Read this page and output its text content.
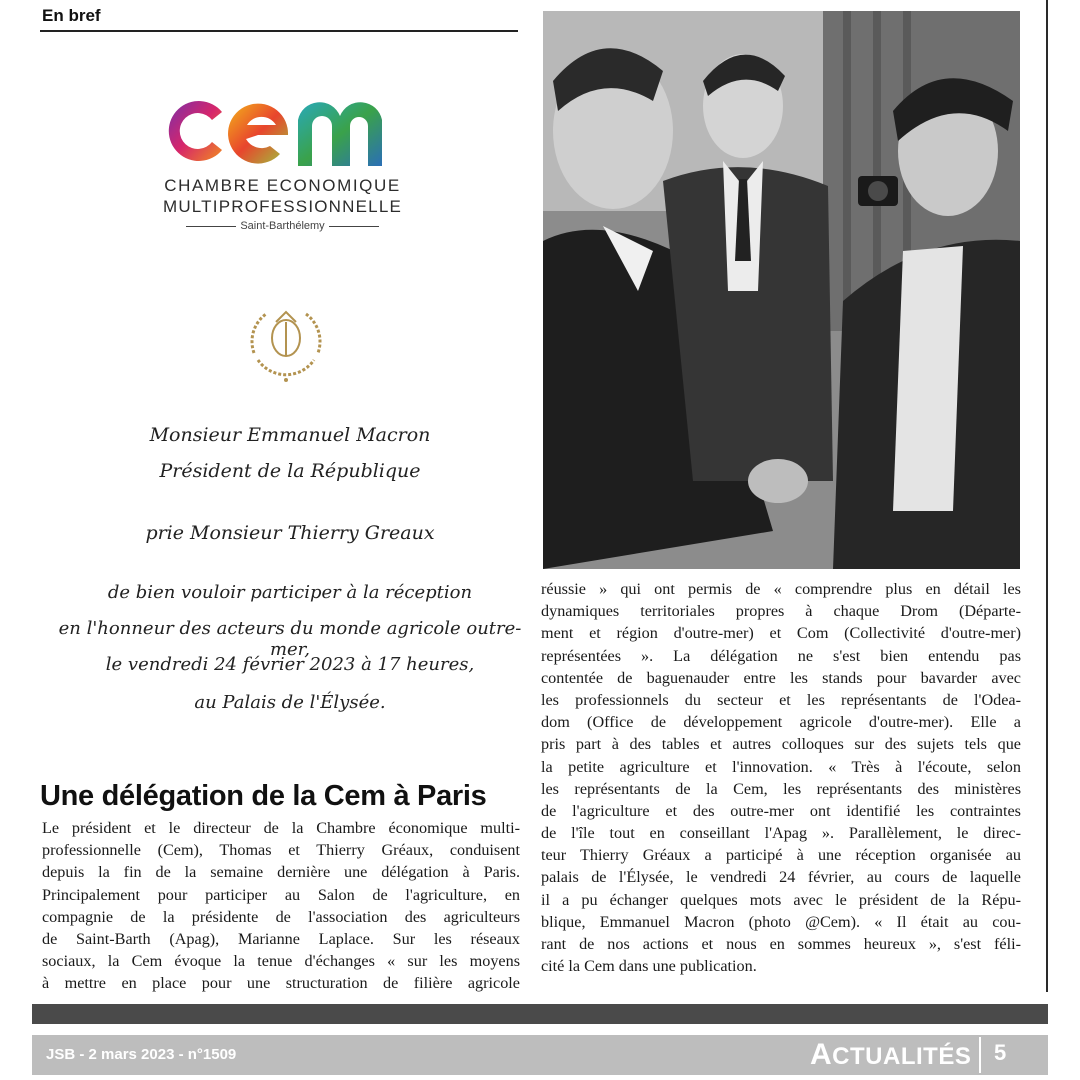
En bref
CHAMBRE ECONOMIQUE
MULTIPROFESSIONNELLE
Saint-Barthélemy
Monsieur Emmanuel Macron
Président de la République
prie Monsieur Thierry Greaux
de bien vouloir participer à la réception
en l'honneur des acteurs du monde agricole outre-mer,
le vendredi 24 février 2023 à 17 heures,
au Palais de l'Élysée.
Une délégation de la Cem à Paris
Le président et le directeur de la Chambre économique multi-
professionnelle (Cem), Thomas et Thierry Gréaux, conduisent
depuis la fin de la semaine dernière une délégation à Paris.
Principalement pour participer au Salon de l'agriculture, en
compagnie de la présidente de l'association des agriculteurs
de Saint-Barth (Apag), Marianne Laplace. Sur les réseaux
sociaux, la Cem évoque la tenue d'échanges « sur les moyens
à mettre en place pour une structuration de filière agricole
réussie » qui ont permis de « comprendre plus en détail les
dynamiques territoriales propres à chaque Drom (Départe-
ment et région d'outre-mer) et Com (Collectivité d'outre-mer)
représentées ». La délégation ne s'est bien entendu pas
contentée de baguenauder entre les stands pour bavarder avec
les professionnels du secteur et les représentants de l'Odea-
dom (Office de développement agricole d'outre-mer). Elle a
pris part à des tables et autres colloques sur des sujets tels que
la petite agriculture et l'innovation. « Très à l'écoute, selon
les représentants de la Cem, les représentants des ministères
de l'agriculture et des outre-mer ont identifié les contraintes
de l'île tout en conseillant l'Apag ». Parallèlement, le direc-
teur Thierry Gréaux a participé à une réception organisée au
palais de l'Élysée, le vendredi 24 février, au cours de laquelle
il a pu échanger quelques mots avec le président de la Répu-
blique, Emmanuel Macron (photo @Cem). « Il était au cou-
rant de nos actions et nous en sommes heureux », s'est féli-
cité la Cem dans une publication.
JSB - 2 mars 2023 - n°1509	ACTUALITÉS 5
